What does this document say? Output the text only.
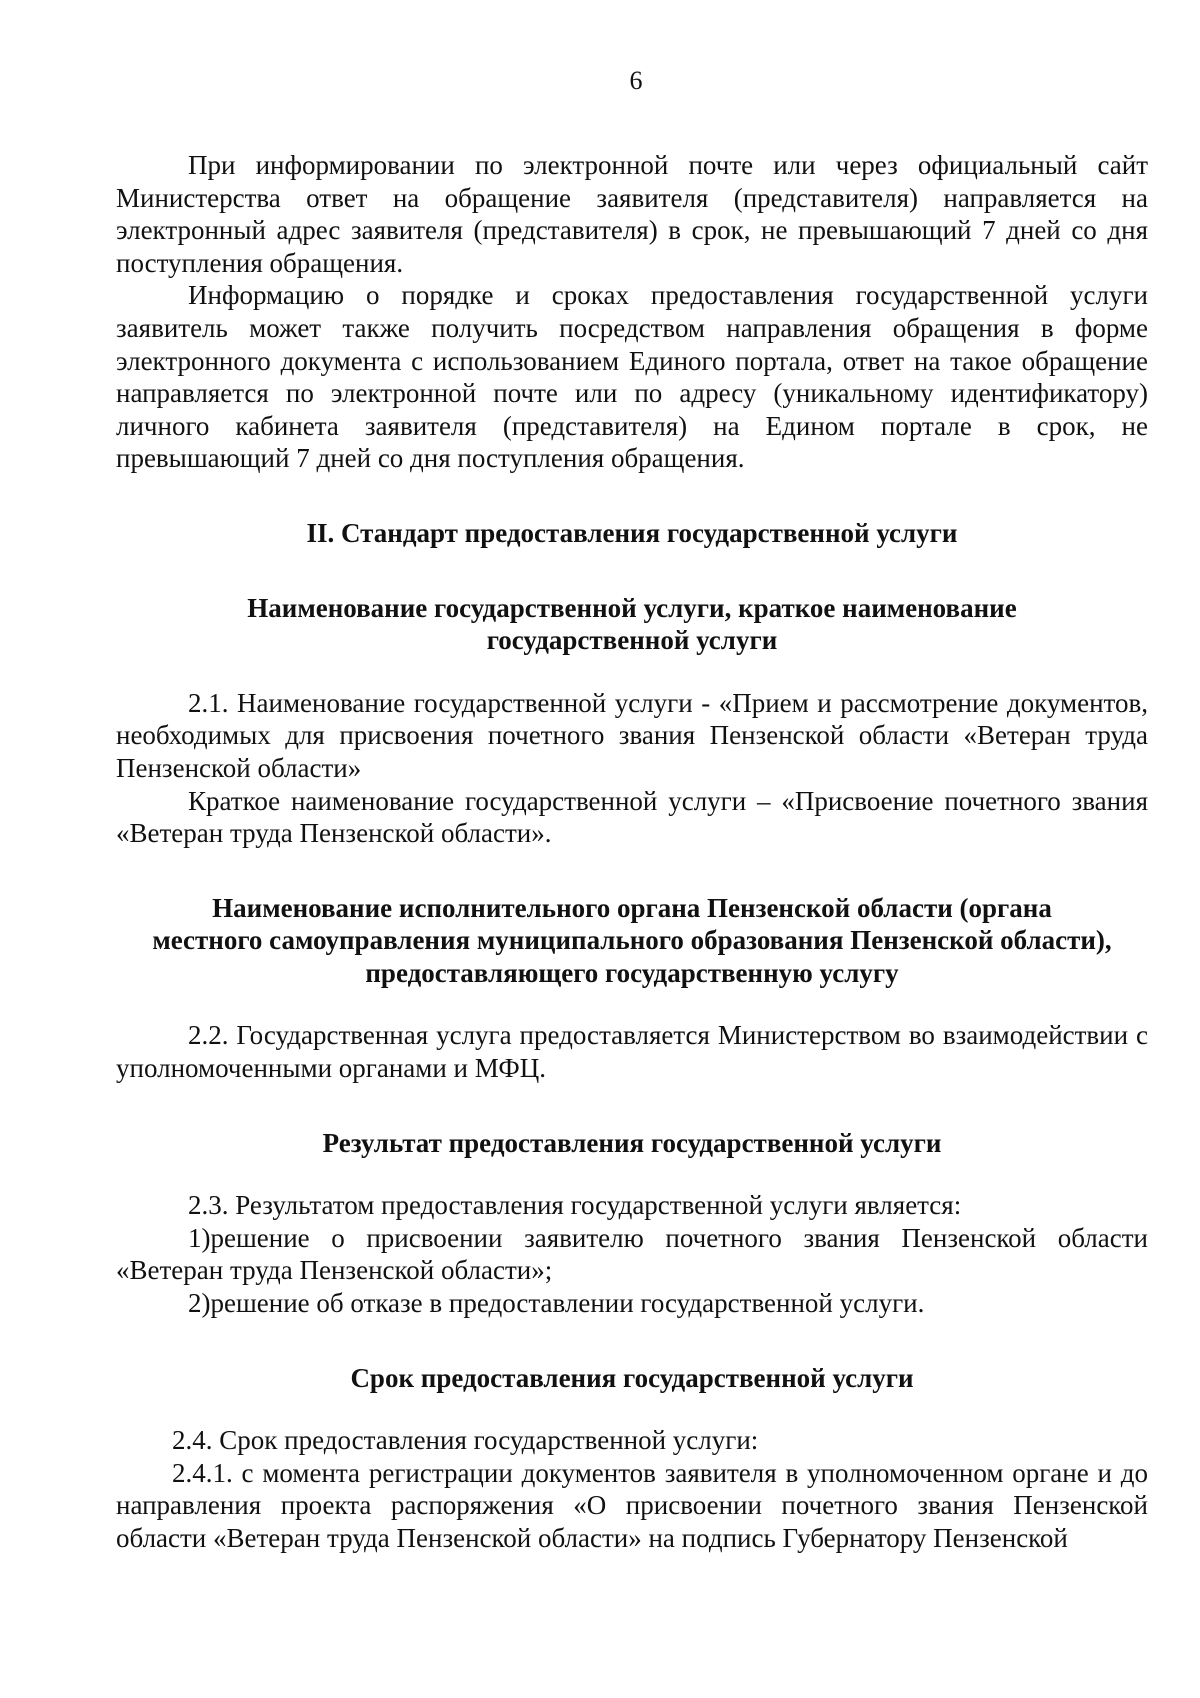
6

При информировании по электронной почте или через официальный сайт Министерства ответ на обращение заявителя (представителя) направляется на электронный адрес заявителя (представителя) в срок, не превышающий 7 дней со дня поступления обращения.

Информацию о порядке и сроках предоставления государственной услуги заявитель может также получить посредством направления обращения в форме электронного документа с использованием Единого портала, ответ на такое обращение направляется по электронной почте или по адресу (уникальному идентификатору) личного кабинета заявителя (представителя) на Едином портале в срок, не превышающий 7 дней со дня поступления обращения.

II. Стандарт предоставления государственной услуги
Наименование государственной услуги, краткое наименование
государственной услуги

2.1. Наименование государственной услуги - «Прием и рассмотрение документов, необходимых для присвоения почетного звания Пензенской области «Ветеран труда Пензенской области»

Краткое наименование государственной услуги – «Присвоение почетного звания «Ветеран труда Пензенской области».

Наименование исполнительного органа Пензенской области (органа
местного самоуправления муниципального образования Пензенской области),
предоставляющего государственную услугу

2.2. Государственная услуга предоставляется Министерством во взаимодействии с уполномоченными органами и МФЦ.

Результат предоставления государственной услуги

2.3. Результатом предоставления государственной услуги является:

1)решение о присвоении заявителю почетного звания Пензенской области «Ветеран труда Пензенской области»;

2)решение об отказе в предоставлении государственной услуги.

Срок предоставления государственной услуги

2.4. Срок предоставления государственной услуги:

2.4.1. с момента регистрации документов заявителя в уполномоченном органе и до направления проекта распоряжения «О присвоении почетного звания Пензенской области «Ветеран труда Пензенской области» на подпись Губернатору Пензенской
